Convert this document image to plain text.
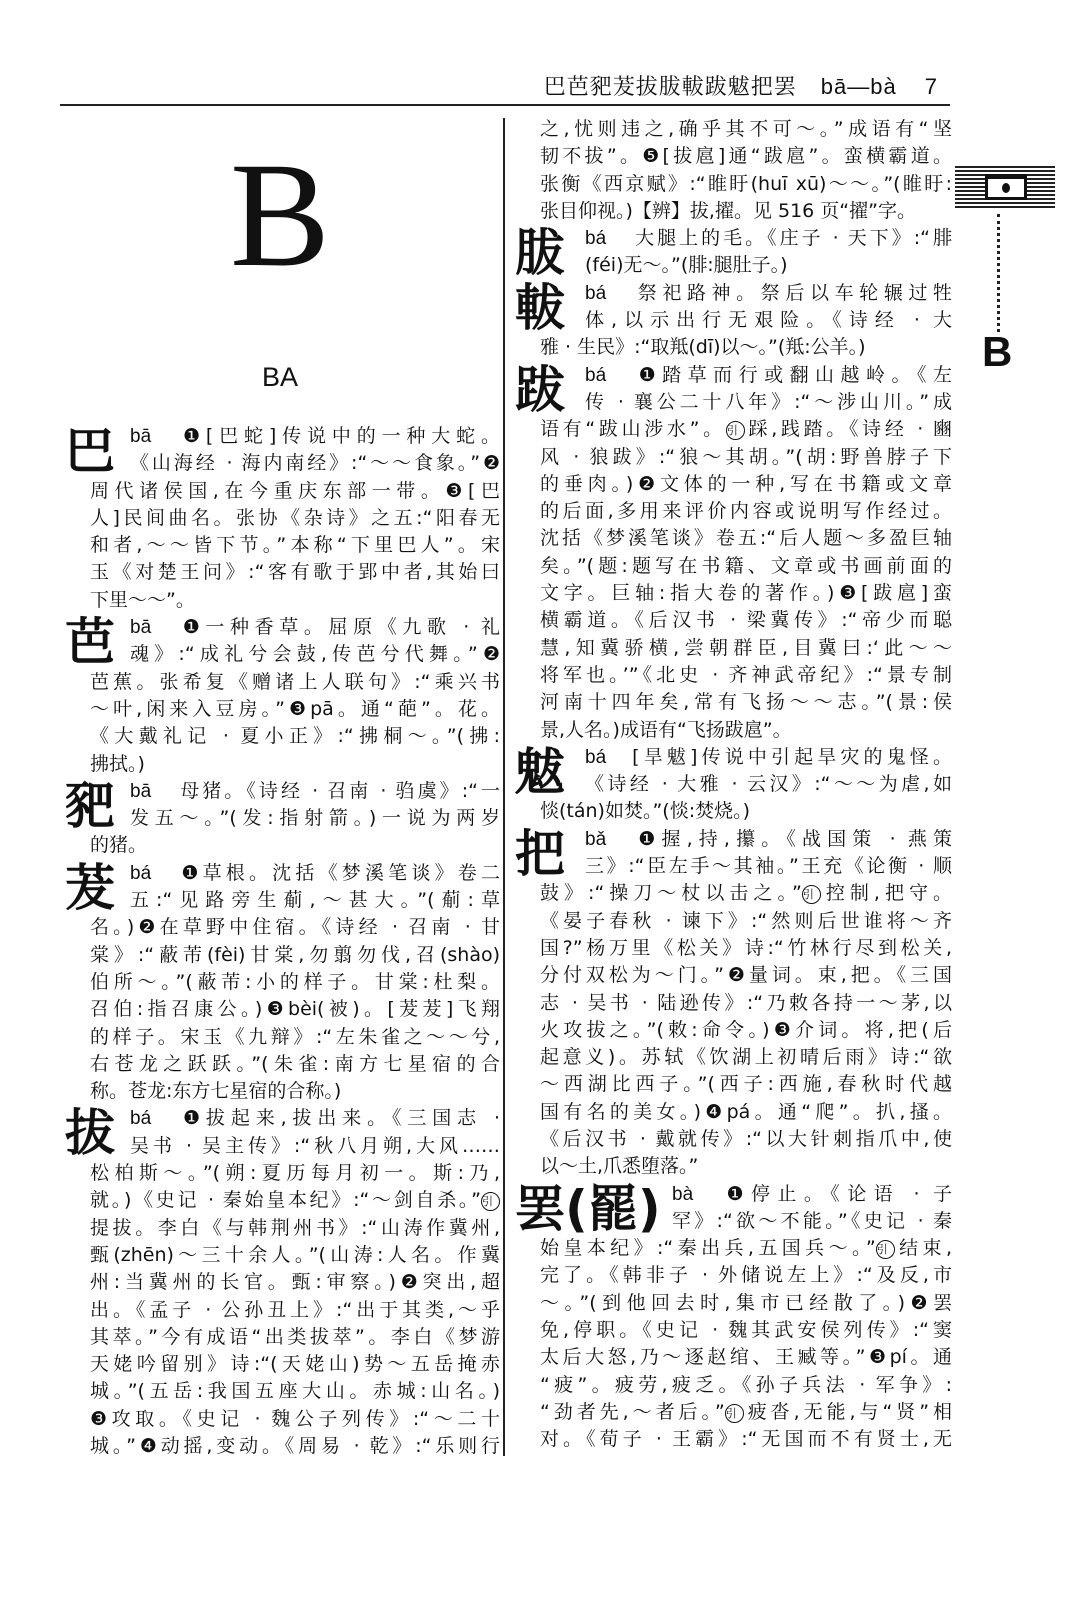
巴芭豝茇拔胈軷跋魃把罢 bā—bà 7
B
BA
巴 bā ❶[巴蛇]传说中的一种大蛇。
《山海经 · 海内南经》:“～～食象。”❷
周代诸侯国,在今重庆东部一带。❸[巴
人]民间曲名。张协《杂诗》之五:“阳春无
和者,～～皆下节。”本称“下里巴人”。宋
玉《对楚王问》:“客有歌于郢中者,其始曰
下里～～”。
芭 bā ❶一种香草。屈原《九歌 · 礼
魂》:“成礼兮会鼓,传芭兮代舞。”❷
芭蕉。张希复《赠诸上人联句》:“乘兴书
～叶,闲来入豆房。”❸pā。通“葩”。花。
《大戴礼记 · 夏小正》:“拂桐～。”(拂:
拂拭。)
豝 bā 母猪。《诗经 · 召南 · 驺虞》:“一
发五～。”(发:指射箭。)一说为两岁
的猪。
茇 bá ❶草根。沈括《梦溪笔谈》卷二
五:“见路旁生葪,～甚大。”(葪:草
名。)❷在草野中住宿。《诗经 · 召南 · 甘
棠》:“蔽芾(fèi)甘棠,勿翦勿伐,召(shào)
伯所～。”(蔽芾:小的样子。甘棠:杜梨。
召伯:指召康公。)❸bèi(被)。[茇茇]飞翔
的样子。宋玉《九辩》:“左朱雀之～～兮,
右苍龙之跃跃。”(朱雀:南方七星宿的合
称。苍龙:东方七星宿的合称。)
拔 bá ❶拔起来,拔出来。《三国志 ·
吴书 · 吴主传》:“秋八月朔,大风……
松柏斯～。”(朔:夏历每月初一。斯:乃,
就。)《史记 · 秦始皇本纪》:“～剑自杀。”引
提拔。李白《与韩荆州书》:“山涛作冀州,
甄(zhēn)～三十余人。”(山涛:人名。作冀
州:当冀州的长官。甄:审察。)❷突出,超
出。《孟子 · 公孙丑上》:“出于其类,～乎
其萃。”今有成语“出类拔萃”。李白《梦游
天姥吟留别》诗:“(天姥山)势～五岳掩赤
城。”(五岳:我国五座大山。赤城:山名。)
❸攻取。《史记 · 魏公子列传》:“～二十
城。”❹动摇,变动。《周易 · 乾》:“乐则行
之,忧则违之,确乎其不可～。”成语有“坚
韧不拔”。❺[拔扈]通“跋扈”。蛮横霸道。
张衡《西京赋》:“睢盱(huī xū)～～。”(睢盱:
张目仰视。)【辨】拔,擢。见 516 页“擢”字。
胈	bá 大腿上的毛。《庄子 · 天下》:“腓
(féi)无～。”(腓:腿肚子。)
軷	bá 祭祀路神。祭后以车轮辗过牲
体,以示出行无艰险。《诗经 · 大
雅 · 生民》:“取羝(dī)以～。”(羝:公羊。)
跋	bá ❶踏草而行或翻山越岭。《左
传 · 襄公二十八年》:“～涉山川。”成
语有“跋山涉水”。引 踩,践踏。《诗经 · 豳
风 · 狼跋》:“狼～其胡。”(胡:野兽脖子下
的垂肉。)❷文体的一种,写在书籍或文章
的后面,多用来评价内容或说明写作经过。
沈括《梦溪笔谈》卷五:“后人题～多盈巨轴
矣。”(题:题写在书籍、文章或书画前面的
文字。巨轴:指大卷的著作。)❸[跋扈]蛮
横霸道。《后汉书 · 梁冀传》:“帝少而聪
慧,知冀骄横,尝朝群臣,目冀曰:‘此～～
将军也。’”《北史 · 齐神武帝纪》:“景专制
河南十四年矣,常有飞扬～～志。”(景:侯
景,人名。)成语有“飞扬跋扈”。
魃	bá [旱魃]传说中引起旱灾的鬼怪。
《诗经 · 大雅 · 云汉》:“～～为虐,如
惔(tán)如焚。”(惔:焚烧。)
把	bǎ ❶握,持,攥。《战国策 · 燕策
三》:“臣左手～其袖。”王充《论衡 · 顺
鼓》:“操刀～杖以击之。”引 控制,把守。
《晏子春秋 · 谏下》:“然则后世谁将～齐
国?”杨万里《松关》诗:“竹林行尽到松关,
分付双松为～门。”❷量词。束,把。《三国
志 · 吴书 · 陆逊传》:“乃敕各持一～茅,以
火攻拔之。”(敕:命令。)❸介词。将,把(后
起意义)。苏轼《饮湖上初晴后雨》诗:“欲
～西湖比西子。”(西子:西施,春秋时代越
国有名的美女。)❹pá。通“爬”。扒,搔。
《后汉书 · 戴就传》:“以大针刺指爪中,使
以～土,爪悉堕落。”
罢(罷) bà ❶停止。《论语 · 子
罕》:“欲～不能。”《史记 · 秦
始皇本纪》:“秦出兵,五国兵～。”引 结束,
完了。《韩非子 · 外储说左上》:“及反,市
～。”(到他回去时,集市已经散了。)❷罢
免,停职。《史记 · 魏其武安侯列传》:“窦
太后大怒,乃～逐赵绾、王臧等。”❸pí。通
“疲”。疲劳,疲乏。《孙子兵法 · 军争》:
“劲者先,～者后。”引 疲沓,无能,与“贤”相
对。《荀子 · 王霸》:“无国而不有贤士,无
B
